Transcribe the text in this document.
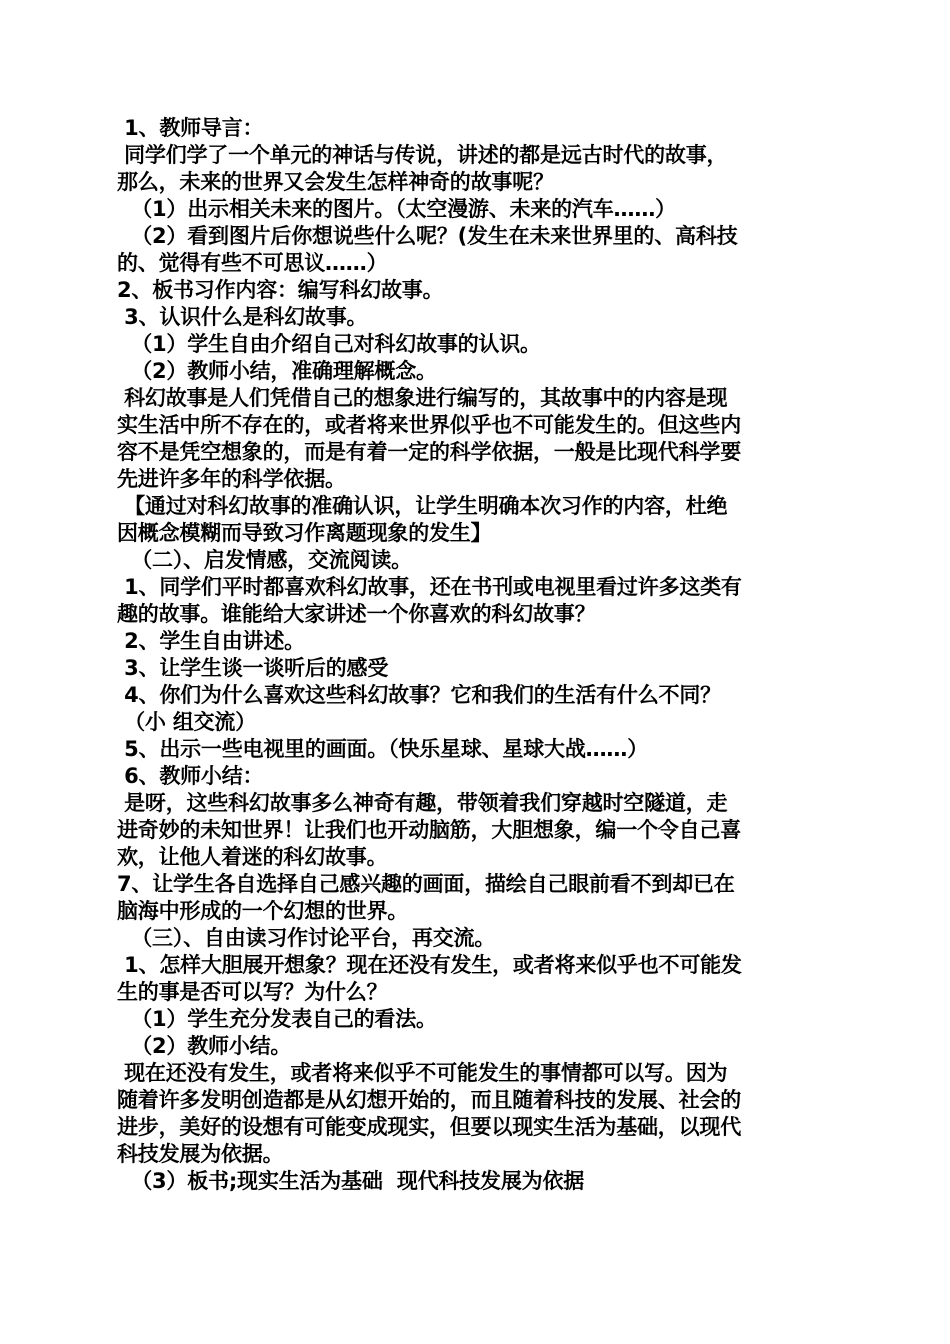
1、教师导言：
同学们学了一个单元的神话与传说，讲述的都是远古时代的故事，
那么，未来的世界又会发生怎样神奇的故事呢？
（1）出示相关未来的图片。（太空漫游、未来的汽车……）
（2）看到图片后你想说些什么呢？(发生在未来世界里的、高科技
的、觉得有些不可思议……）
2、板书习作内容：编写科幻故事。
3、认识什么是科幻故事。
（1）学生自由介绍自己对科幻故事的认识。
（2）教师小结，准确理解概念。
科幻故事是人们凭借自己的想象进行编写的，其故事中的内容是现
实生活中所不存在的，或者将来世界似乎也不可能发生的。但这些内
容不是凭空想象的，而是有着一定的科学依据，一般是比现代科学要
先进许多年的科学依据。
【通过对科幻故事的准确认识，让学生明确本次习作的内容，杜绝
因概念模糊而导致习作离题现象的发生】
（二）、启发情感，交流阅读。
1、同学们平时都喜欢科幻故事，还在书刊或电视里看过许多这类有
趣的故事。谁能给大家讲述一个你喜欢的科幻故事？
2、学生自由讲述。
3、让学生谈一谈听后的感受
4、你们为什么喜欢这些科幻故事？它和我们的生活有什么不同？
（小 组交流）
5、出示一些电视里的画面。（快乐星球、星球大战……）
6、教师小结：
是呀，这些科幻故事多么神奇有趣，带领着我们穿越时空隧道，走
进奇妙的未知世界！让我们也开动脑筋，大胆想象，编一个令自己喜
欢，让他人着迷的科幻故事。
7、让学生各自选择自己感兴趣的画面，描绘自己眼前看不到却已在
脑海中形成的一个幻想的世界。
（三）、自由读习作讨论平台，再交流。
1、怎样大胆展开想象？现在还没有发生，或者将来似乎也不可能发
生的事是否可以写？为什么？
（1）学生充分发表自己的看法。
（2）教师小结。
现在还没有发生，或者将来似乎不可能发生的事情都可以写。因为
随着许多发明创造都是从幻想开始的，而且随着科技的发展、社会的
进步，美好的设想有可能变成现实，但要以现实生活为基础，以现代
科技发展为依据。
（3）板书;现实生活为基础  现代科技发展为依据
